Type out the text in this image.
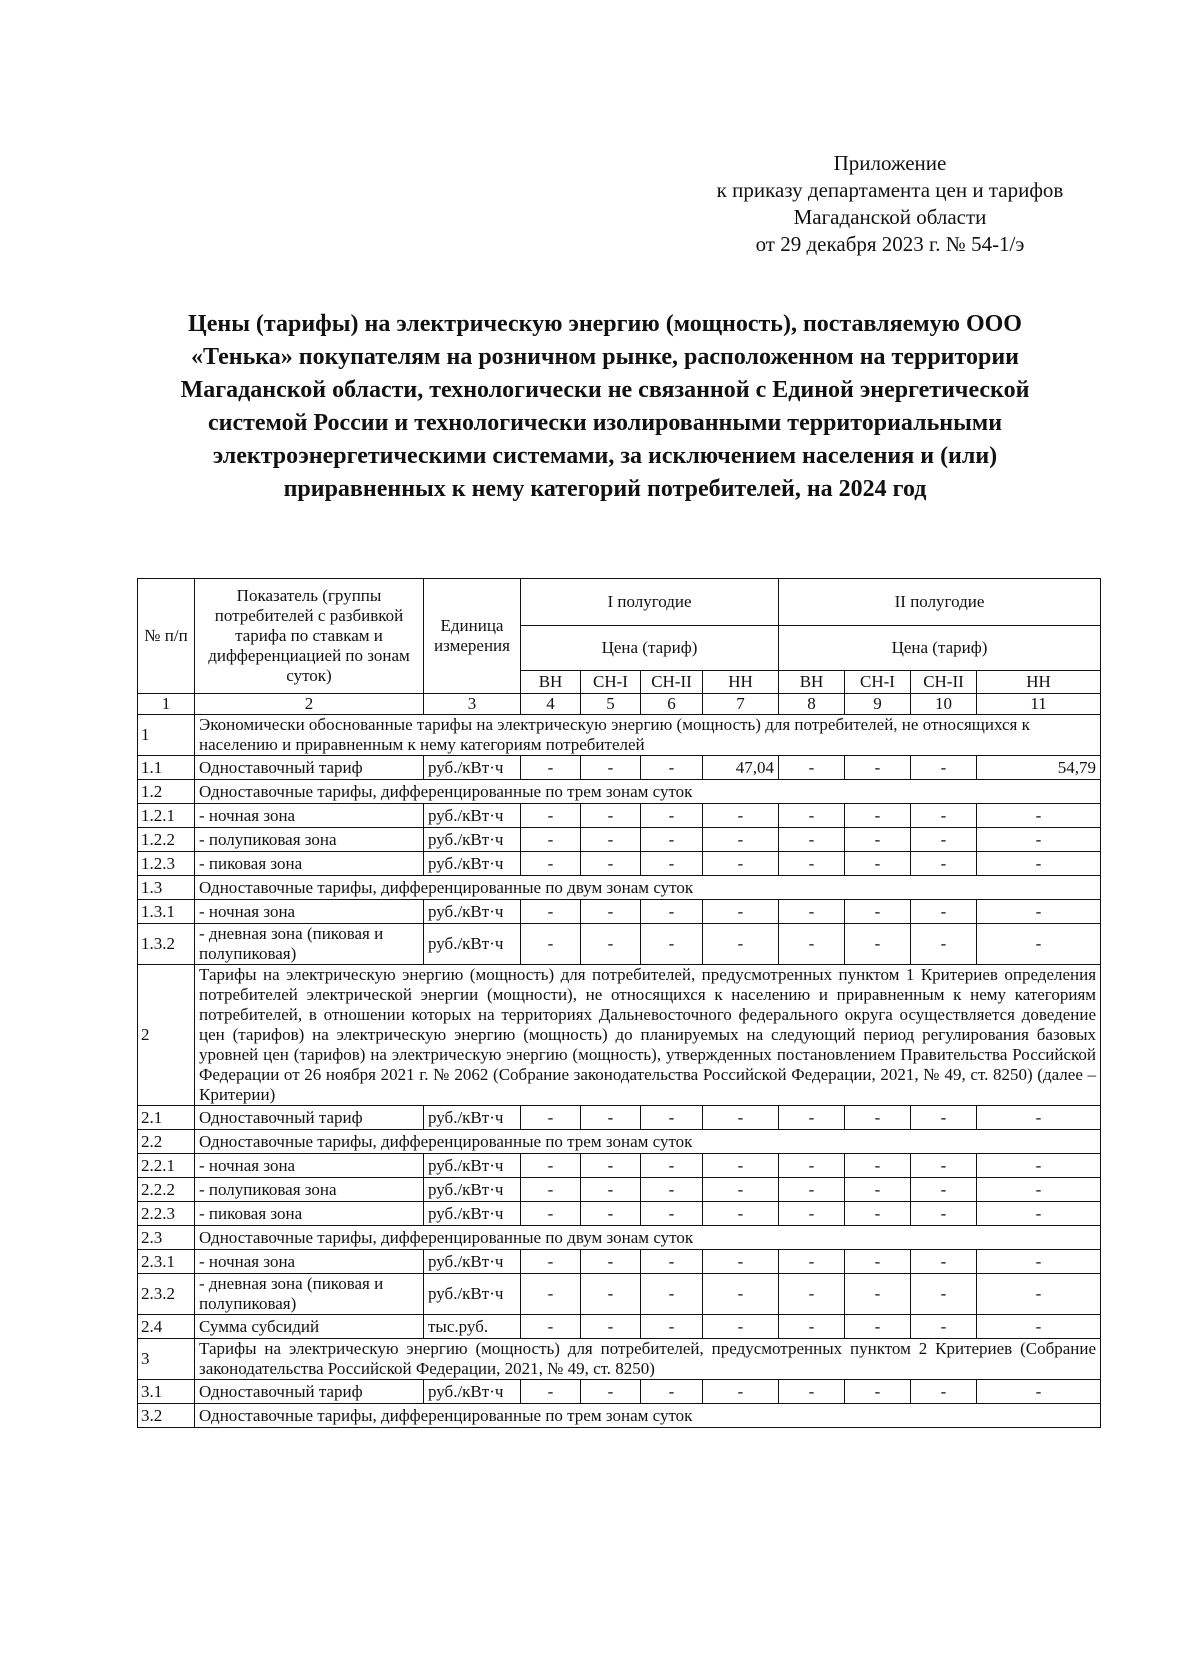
Приложение
к приказу департамента цен и тарифов
Магаданской области
от 29 декабря 2023 г. № 54-1/э
Цены (тарифы) на электрическую энергию (мощность), поставляемую ООО «Тенька» покупателям на розничном рынке, расположенном на территории Магаданской области, технологически не связанной с Единой энергетической системой России и технологически изолированными территориальными электроэнергетическими системами, за исключением населения и (или) приравненных к нему категорий потребителей, на 2024 год
№ п/п	Показатель (группы потребителей с разбивкой тарифа по ставкам и дифференциацией по зонам суток)	Единица измерения	I полугодие				II полугодие			
			Цена (тариф)				Цена (тариф)			
			ВН	СН-I	СН-II	НН	ВН	СН-I	СН-II	НН
1	2	3	4	5	6	7	8	9	10	11
1	Экономически обоснованные тарифы на электрическую энергию (мощность) для потребителей, не относящихся к населению и приравненным к нему категориям потребителей									
1.1	Одноставочный тариф	руб./кВт·ч	-	-	-	47,04	-	-	-	54,79
1.2	Одноставочные тарифы, дифференцированные по трем зонам суток									
1.2.1	- ночная зона	руб./кВт·ч	-	-	-	-	-	-	-	-
1.2.2	- полупиковая зона	руб./кВт·ч	-	-	-	-	-	-	-	-
1.2.3	- пиковая зона	руб./кВт·ч	-	-	-	-	-	-	-	-
1.3	Одноставочные тарифы, дифференцированные по двум зонам суток									
1.3.1	- ночная зона	руб./кВт·ч	-	-	-	-	-	-	-	-
1.3.2	- дневная зона (пиковая и полупиковая)	руб./кВт·ч	-	-	-	-	-	-	-	-
2	Тарифы на электрическую энергию (мощность) для потребителей, предусмотренных пунктом 1 Критериев определения потребителей электрической энергии (мощности), не относящихся к населению и приравненным к нему категориям потребителей, в отношении которых на территориях Дальневосточного федерального округа осуществляется доведение цен (тарифов) на электрическую энергию (мощность) до планируемых на следующий период регулирования базовых уровней цен (тарифов) на электрическую энергию (мощность), утвержденных постановлением Правительства Российской Федерации от 26 ноября 2021 г. № 2062 (Собрание законодательства Российской Федерации, 2021, № 49, ст. 8250) (далее – Критерии)									
2.1	Одноставочный тариф	руб./кВт·ч	-	-	-	-	-	-	-	-
2.2	Одноставочные тарифы, дифференцированные по трем зонам суток									
2.2.1	- ночная зона	руб./кВт·ч	-	-	-	-	-	-	-	-
2.2.2	- полупиковая зона	руб./кВт·ч	-	-	-	-	-	-	-	-
2.2.3	- пиковая зона	руб./кВт·ч	-	-	-	-	-	-	-	-
2.3	Одноставочные тарифы, дифференцированные по двум зонам суток									
2.3.1	- ночная зона	руб./кВт·ч	-	-	-	-	-	-	-	-
2.3.2	- дневная зона (пиковая и полупиковая)	руб./кВт·ч	-	-	-	-	-	-	-	-
2.4	Сумма субсидий	тыс.руб.	-	-	-	-	-	-	-	-
3	Тарифы на электрическую энергию (мощность) для потребителей, предусмотренных пунктом 2 Критериев (Собрание законодательства Российской Федерации, 2021, № 49, ст. 8250)									
3.1	Одноставочный тариф	руб./кВт·ч	-	-	-	-	-	-	-	-
3.2	Одноставочные тарифы, дифференцированные по трем зонам суток									
